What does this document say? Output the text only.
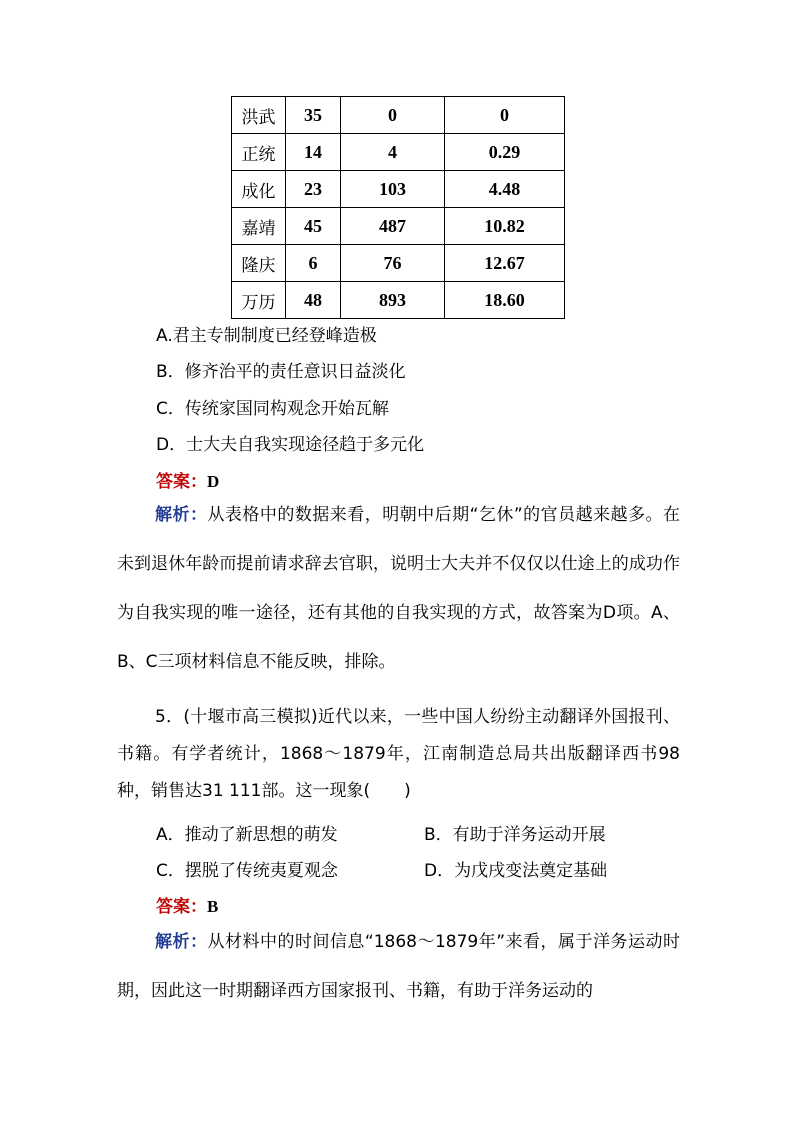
洪武	35	0	0
正统	14	4	0.29
成化	23	103	4.48
嘉靖	45	487	10.82
隆庆	6	76	12.67
万历	48	893	18.60
A.君主专制制度已经登峰造极
B．修齐治平的责任意识日益淡化
C．传统家国同构观念开始瓦解
D．士大夫自我实现途径趋于多元化
答案：D
解析：从表格中的数据来看，明朝中后期“乞休”的官员越来越多。在未到退休年龄而提前请求辞去官职，说明士大夫并不仅仅以仕途上的成功作为自我实现的唯一途径，还有其他的自我实现的方式，故答案为D项。A、B、C三项材料信息不能反映，排除。
5．(十堰市高三模拟)近代以来，一些中国人纷纷主动翻译外国报刊、书籍。有学者统计，1868～1879年，江南制造总局共出版翻译西书98种，销售达31 111部。这一现象(　　)
A．推动了新思想的萌发	B．有助于洋务运动开展
C．摆脱了传统夷夏观念	D．为戊戌变法奠定基础
答案：B
解析：从材料中的时间信息“1868～1879年”来看，属于洋务运动时期，因此这一时期翻译西方国家报刊、书籍，有助于洋务运动的
